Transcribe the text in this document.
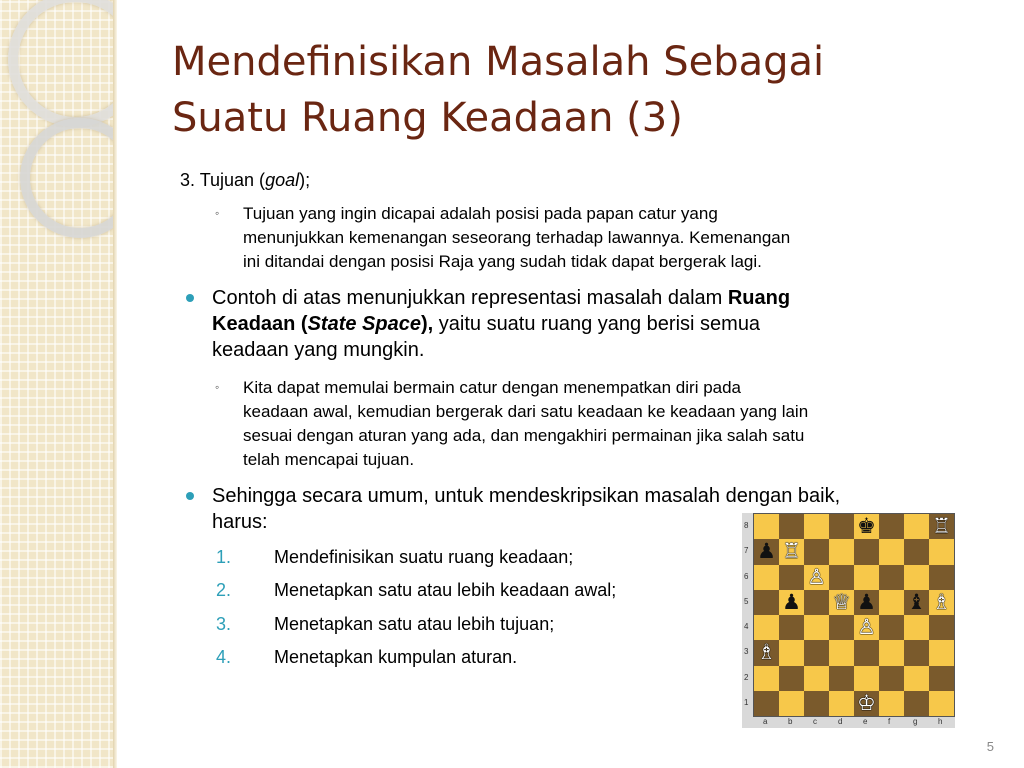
Mendefinisikan Masalah Sebagai
Suatu Ruang Keadaan (3)
3. Tujuan (goal);
◦ Tujuan yang ingin dicapai adalah posisi pada papan catur yang
menunjukkan kemenangan seseorang terhadap lawannya. Kemenangan
ini ditandai dengan posisi Raja yang sudah tidak dapat bergerak lagi.
Contoh di atas menunjukkan representasi masalah dalam Ruang
Keadaan (State Space), yaitu suatu ruang yang berisi semua
keadaan yang mungkin.
◦ Kita dapat memulai bermain catur dengan menempatkan diri pada
keadaan awal, kemudian bergerak dari satu keadaan ke keadaan yang lain
sesuai dengan aturan yang ada, dan mengakhiri permainan jika salah satu
telah mencapai tujuan.
Sehingga secara umum, untuk mendeskripsikan masalah dengan baik,
harus:
1. Mendefinisikan suatu ruang keadaan;
2. Menetapkan satu atau lebih keadaan awal;
3. Menetapkan satu atau lebih tujuan;
4. Menetapkan kumpulan aturan.
♚	♖
♟ ♖
♙
♟ ♕ ♟ ♝ ♗
♙
♗
♔
8
7
6
5
4
3
2
1
a	b	c	d	e	f	g	h
5
